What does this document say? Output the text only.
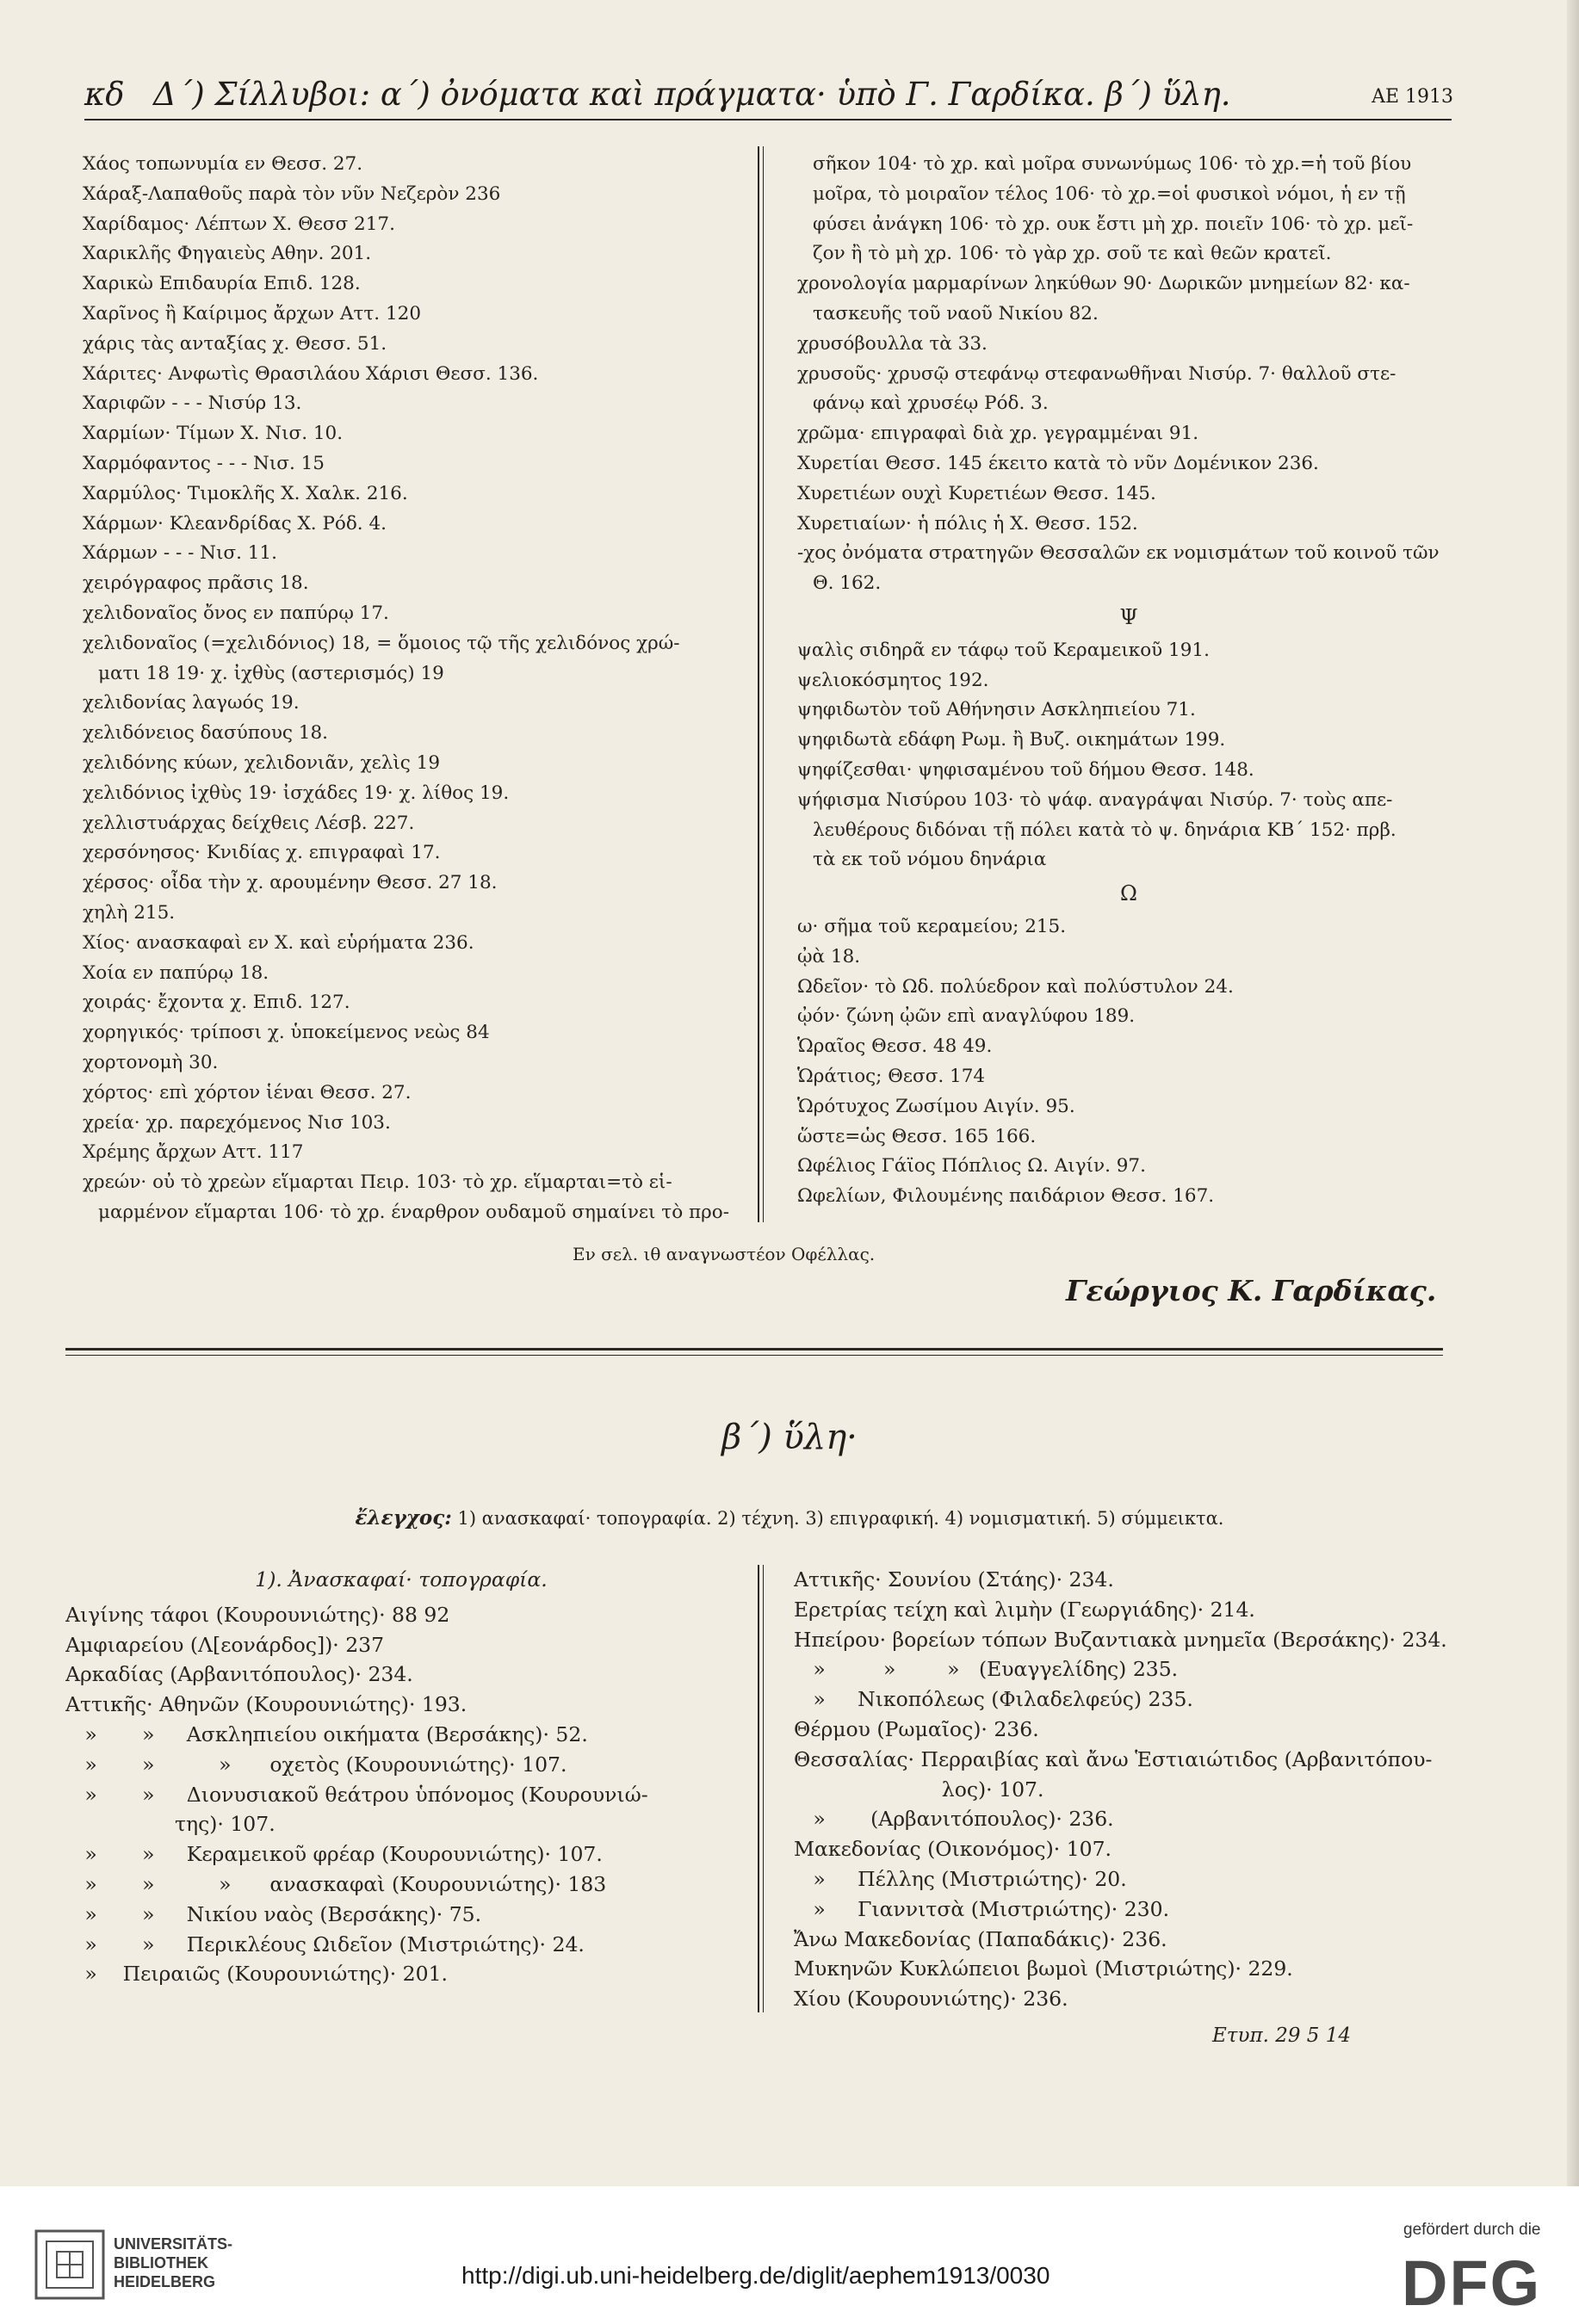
κδ Δ΄) Σίλλυβοι: α΄) ὀνόματα καὶ πράγματα· ὑπὸ Γ. Γαρδίκα. β΄) ὕλη.	ΑΕ 1913

Χάος τοπωνυμία εν Θεσσ. 27.

Χάραξ-Λαπαθοῦς παρὰ τὸν νῦν Νεζερὸν 236

Χαρίδαμος· Λέπτων Χ. Θεσσ 217.

Χαρικλῆς Φηγαιεὺς Αθην. 201.

Χαρικὼ Επιδαυρία Επιδ. 128.

Χαρῖνος ἢ Καίριμος ἄρχων Αττ. 120

χάρις τὰς ανταξίας χ. Θεσσ. 51.

Χάριτες· Ανφωτὶς Θρασιλάου Χάρισι Θεσσ. 136.

Χαριφῶν - - - Νισύρ 13.

Χαρμίων· Τίμων Χ. Νισ. 10.

Χαρμόφαντος - - - Νισ. 15

Χαρμύλος· Τιμοκλῆς Χ. Χαλκ. 216.

Χάρμων· Κλεανδρίδας Χ. Ρόδ. 4.

Χάρμων - - - Νισ. 11.

χειρόγραφος πρᾶσις 18.

χελιδοναῖος ὄνος εν παπύρῳ 17.

χελιδοναῖος (=χελιδόνιος) 18, = ὅμοιος τῷ τῆς χελιδόνος χρώ-

ματι 18 19· χ. ἰχθὺς (αστερισμός) 19

χελιδονίας λαγωός 19.

χελιδόνειος δασύπους 18.

χελιδόνης κύων, χελιδονιᾶν, χελὶς 19

χελιδόνιος ἰχθὺς 19· ἰσχάδες 19· χ. λίθος 19.

χελλιστυάρχας δείχθεις Λέσβ. 227.

χερσόνησος· Κνιδίας χ. επιγραφαὶ 17.

χέρσος· οἶδα τὴν χ. αρουμένην Θεσσ. 27 18.

χηλὴ 215.

Χίος· ανασκαφαὶ εν Χ. καὶ εὑρήματα 236.

Χοία εν παπύρῳ 18.

χοιράς· ἔχοντα χ. Επιδ. 127.

χορηγικός· τρίποσι χ. ὑποκείμενος νεὼς 84

χορτονομὴ 30.

χόρτος· επὶ χόρτον ἱέναι Θεσσ. 27.

χρεία· χρ. παρεχόμενος Νισ 103.

Χρέμης ἄρχων Αττ. 117

χρεών· οὐ τὸ χρεὼν εἵμαρται Πειρ. 103· τὸ χρ. εἵμαρται=τὸ εἱ-

μαρμένον εἵμαρται 106· τὸ χρ. έναρθρον ουδαμοῦ σημαίνει τὸ προ-

σῆκον 104· τὸ χρ. καὶ μοῖρα συνωνύμως 106· τὸ χρ.=ἡ τοῦ βίου

μοῖρα, τὸ μοιραῖον τέλος 106· τὸ χρ.=οἱ φυσικοὶ νόμοι, ἡ εν τῇ

φύσει ἀνάγκη 106· τὸ χρ. ουκ ἔστι μὴ χρ. ποιεῖν 106· τὸ χρ. μεῖ-

ζον ἢ τὸ μὴ χρ. 106· τὸ γὰρ χρ. σοῦ τε καὶ θεῶν κρατεῖ.

χρονολογία μαρμαρίνων ληκύθων 90· Δωρικῶν μνημείων 82· κα-

τασκευῆς τοῦ ναοῦ Νικίου 82.

χρυσόβουλλα τὰ 33.

χρυσοῦς· χρυσῷ στεφάνῳ στεφανωθῆναι Νισύρ. 7· θαλλοῦ στε-

φάνῳ καὶ χρυσέῳ Ρόδ. 3.

χρῶμα· επιγραφαὶ διὰ χρ. γεγραμμέναι 91.

Χυρετίαι Θεσσ. 145 έκειτο κατὰ τὸ νῦν Δομένικον 236.

Χυρετιέων ουχὶ Κυρετιέων Θεσσ. 145.

Χυρετιαίων· ἡ πόλις ἡ Χ. Θεσσ. 152.

-χος ὀνόματα στρατηγῶν Θεσσαλῶν εκ νομισμάτων τοῦ κοινοῦ τῶν

Θ. 162.

Ψ

ψαλὶς σιδηρᾶ εν τάφῳ τοῦ Κεραμεικοῦ 191.

ψελιοκόσμητος 192.

ψηφιδωτὸν τοῦ Αθήνησιν Ασκληπιείου 71.

ψηφιδωτὰ εδάφη Ρωμ. ἢ Βυζ. οικημάτων 199.

ψηφίζεσθαι· ψηφισαμένου τοῦ δήμου Θεσσ. 148.

ψήφισμα Νισύρου 103· τὸ ψάφ. αναγράψαι Νισύρ. 7· τοὺς απε-

λευθέρους διδόναι τῇ πόλει κατὰ τὸ ψ. δηνάρια ΚΒ΄ 152· πρβ.

τὰ εκ τοῦ νόμου δηνάρια

Ω

ω· σῆμα τοῦ κεραμείου; 215.

ᾠὰ 18.

Ωδεῖον· τὸ Ωδ. πολύεδρον καὶ πολύστυλον 24.

ᾠόν· ζώνη ᾠῶν επὶ αναγλύφου 189.

Ὡραῖος Θεσσ. 48 49.

Ὡράτιος; Θεσσ. 174

Ὡρότυχος Ζωσίμου Αιγίν. 95.

ὥστε=ὡς Θεσσ. 165 166.

Ωφέλιος Γάϊος Πόπλιος Ω. Αιγίν. 97.

Ωφελίων, Φιλουμένης παιδάριον Θεσσ. 167.

Εν σελ. ιθ αναγνωστέον Οφέλλας.
Γεώργιος Κ. Γαρδίκας.
β΄) ὕλη·
ἔλεγχος: 1) ανασκαφαί· τοπογραφία. 2) τέχνη. 3) επιγραφική. 4) νομισματική. 5) σύμμεικτα.

1). Ἀνασκαφαί· τοπογραφία.

Αιγίνης τάφοι (Κουρουνιώτης)· 88 92

Αμφιαρείου (Λ[εονάρδος])· 237

Αρκαδίας (Αρβανιτόπουλος)· 234.

Αττικῆς· Αθηνῶν (Κουρουνιώτης)· 193.

»       »     Ασκληπιείου οικήματα (Βερσάκης)· 52.

»       »          »      οχετὸς (Κουρουνιώτης)· 107.

»       »     Διονυσιακοῦ θεάτρου ὑπόνομος (Κουρουνιώ-

της)· 107.

»       »     Κεραμεικοῦ φρέαρ (Κουρουνιώτης)· 107.

»       »          »      ανασκαφαὶ (Κουρουνιώτης)· 183

»       »     Νικίου ναὸς (Βερσάκης)· 75.

»       »     Περικλέους Ωιδεῖον (Μιστριώτης)· 24.

»    Πειραιῶς (Κουρουνιώτης)· 201.

Αττικῆς· Σουνίου (Στάης)· 234.

Ερετρίας τείχη καὶ λιμὴν (Γεωργιάδης)· 214.

Ηπείρου· βορείων τόπων Βυζαντιακὰ μνημεῖα (Βερσάκης)· 234.

»         »        »   (Ευαγγελίδης) 235.

»     Νικοπόλεως (Φιλαδελφεύς) 235.

Θέρμου (Ρωμαῖος)· 236.

Θεσσαλίας· Περραιβίας καὶ ἄνω Ἑστιαιώτιδος (Αρβανιτόπου-

λος)· 107.

»       (Αρβανιτόπουλος)· 236.

Μακεδονίας (Οικονόμος)· 107.

»     Πέλλης (Μιστριώτης)· 20.

»     Γιαννιτσὰ (Μιστριώτης)· 230.

Ἄνω Μακεδονίας (Παπαδάκις)· 236.

Μυκηνῶν Κυκλώπειοι βωμοὶ (Μιστριώτης)· 229.

Χίου (Κουρουνιώτης)· 236.

Ετυπ. 29 5 14
UNIVERSITÄTS-
BIBLIOTHEK
HEIDELBERG	http://digi.ub.uni-heidelberg.de/diglit/aephem1913/0030
gefördert durch die
DFG
